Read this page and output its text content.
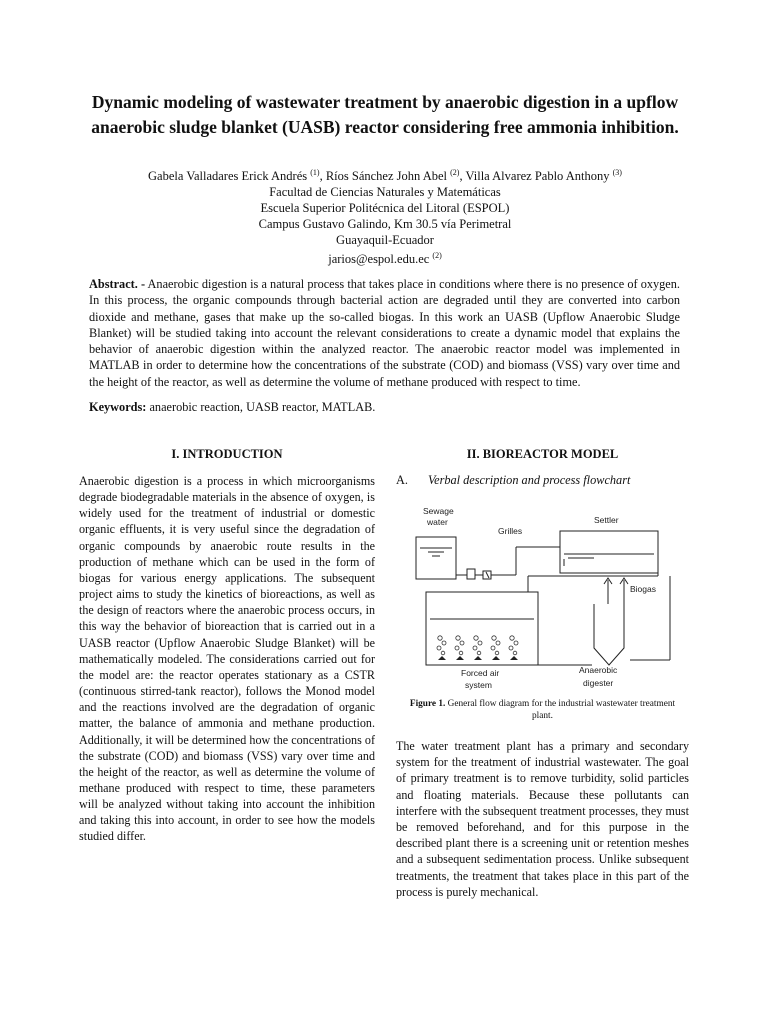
Dynamic modeling of wastewater treatment by anaerobic digestion in a upflow anaerobic sludge blanket (UASB) reactor considering free ammonia inhibition.
Gabela Valladares Erick Andrés $^{(1)}$, Ríos Sánchez John Abel $^{(2)}$, Villa Alvarez Pablo Anthony $^{(3)}$
Facultad de Ciencias Naturales y Matemáticas
Escuela Superior Politécnica del Litoral (ESPOL)
Campus Gustavo Galindo, Km 30.5 vía Perimetral
Guayaquil-Ecuador
jarios@espol.edu.ec $^{(2)}$

Abstract. - Anaerobic digestion is a natural process that takes place in conditions where there is no presence of oxygen. In this process, the organic compounds through bacterial action are degraded until they are converted into carbon dioxide and methane, gases that make up the so-called biogas. In this work an UASB (Upflow Anaerobic Sludge Blanket) will be studied taking into account the relevant considerations to create a dynamic model that explains the behavior of anaerobic digestion within the analyzed reactor. The anaerobic reactor model was implemented in MATLAB in order to determine how the concentrations of the substrate (COD) and biomass (VSS) vary over time and the height of the reactor, as well as determine the volume of methane produced with respect to time.

Keywords: anaerobic reaction, UASB reactor, MATLAB.

I. INTRODUCTION	II. BIOREACTOR MODEL

Anaerobic digestion is a process in which microorganisms degrade biodegradable materials in the absence of oxygen, is widely used for the treatment of industrial or domestic organic effluents, it is very useful since the degradation of organic compounds by anaerobic route results in the production of methane which can be used in the form of biogas for various energy applications. The subsequent project aims to study the kinetics of bioreactions, as well as the design of reactors where the anaerobic process occurs, in this way the behavior of bioreaction that is carried out in a UASB reactor (Upflow Anaerobic Sludge Blanket) will be mathematically modeled. The considerations carried out for the model are: the reactor operates stationary as a CSTR (continuous stirred-tank reactor), follows the Monod model and the reactions involved are the degradation of organic matter, the balance of ammonia and methane production. Additionally, it will be determined how the concentrations of the substrate (COD) and biomass (VSS) vary over time and the height of the reactor, as well as determine the volume of methane produced with respect to time, these parameters will be analyzed without taking into account the inhibition and taking this into account, in order to see how the models studied differ.

A. Verbal description and process flowchart
Sewage
water
Grilles
Settler
Biogas
Forced air
system
Anaerobic
digester
Figure 1. General flow diagram for the industrial wastewater treatment plant.

The water treatment plant has a primary and secondary system for the treatment of industrial wastewater. The goal of primary treatment is to remove turbidity, solid particles and floating materials. Because these pollutants can interfere with the subsequent treatment processes, they must be removed beforehand, and for this purpose in the described plant there is a screening unit or retention meshes and a subsequent sedimentation process. Unlike subsequent treatments, the treatment that takes place in this part of the process is purely mechanical.
